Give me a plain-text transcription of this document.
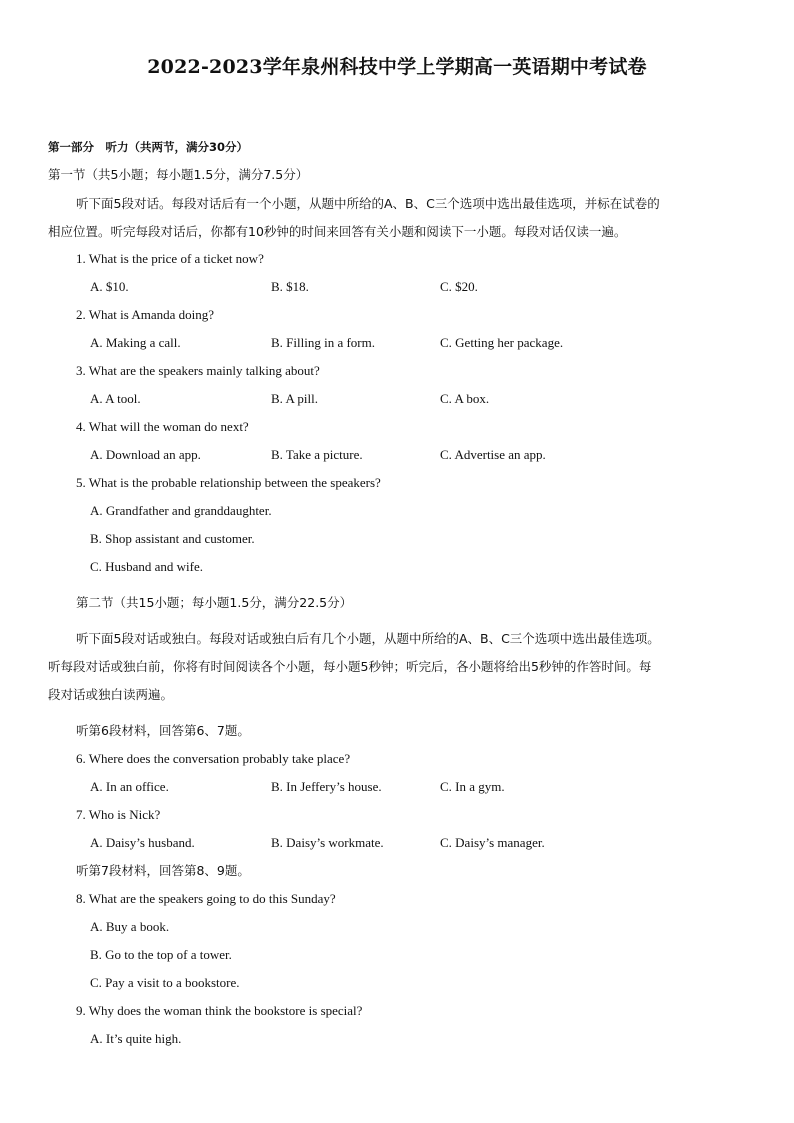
2022-2023学年泉州科技中学上学期高一英语期中考试卷
第一部分　听力（共两节，满分30分）
第一节（共5小题；每小题1.5分，满分7.5分）
听下面5段对话。每段对话后有一个小题，从题中所给的A、B、C三个选项中选出最佳选项，并标在试卷的
相应位置。听完每段对话后，你都有10秒钟的时间来回答有关小题和阅读下一小题。每段对话仅读一遍。
1. What is the price of a ticket now?
A. $10.	B. $18.	C. $20.
2. What is Amanda doing?
A. Making a call.	B. Filling in a form.	C. Getting her package.
3. What are the speakers mainly talking about?
A. A tool.	B. A pill.	C. A box.
4. What will the woman do next?
A. Download an app.	B. Take a picture.	C. Advertise an app.
5. What is the probable relationship between the speakers?
A. Grandfather and granddaughter.
B. Shop assistant and customer.
C. Husband and wife.
第二节（共15小题；每小题1.5分，满分22.5分）
听下面5段对话或独白。每段对话或独白后有几个小题，从题中所给的A、B、C三个选项中选出最佳选项。
听每段对话或独白前，你将有时间阅读各个小题，每小题5秒钟；听完后，各小题将给出5秒钟的作答时间。每
段对话或独白读两遍。
听第6段材料，回答第6、7题。
6. Where does the conversation probably take place?
A. In an office.	B. In Jeffery’s house.	C. In a gym.
7. Who is Nick?
A. Daisy’s husband.	B. Daisy’s workmate.	C. Daisy’s manager.
听第7段材料，回答第8、9题。
8. What are the speakers going to do this Sunday?
A. Buy a book.
B. Go to the top of a tower.
C. Pay a visit to a bookstore.
9. Why does the woman think the bookstore is special?
A. It’s quite high.
